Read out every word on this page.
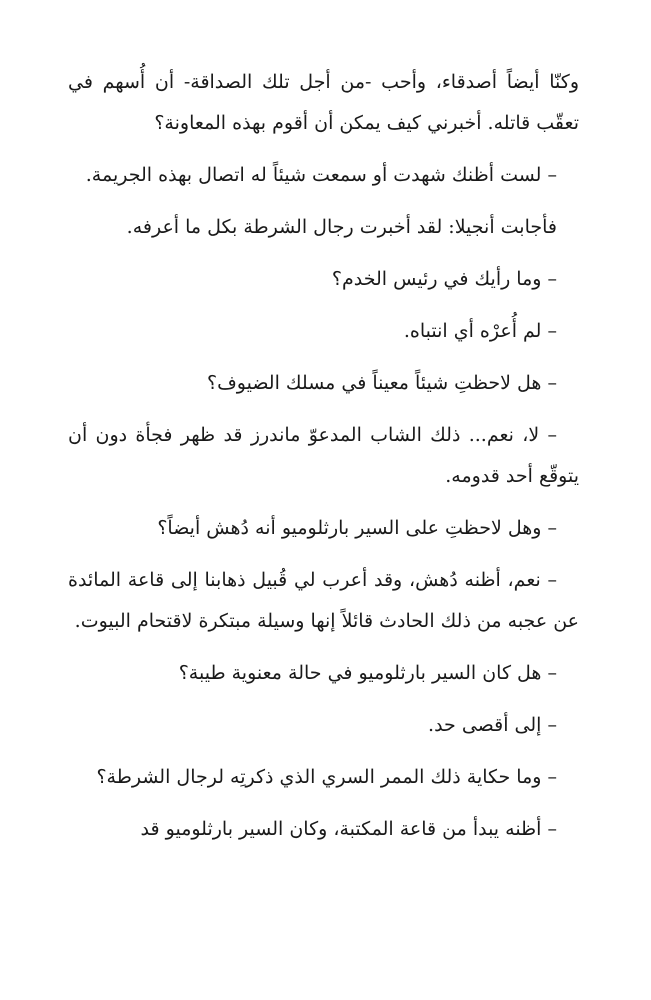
وكنّا أيضاً أصدقاء، وأحب -من أجل تلك الصداقة- أن أُسهم في تعقّب قاتله. أخبرني كيف يمكن أن أقوم بهذه المعاونة؟

– لست أظنك شهدت أو سمعت شيئاً له اتصال بهذه الجريمة.

فأجابت أنجيلا: لقد أخبرت رجال الشرطة بكل ما أعرفه.

– وما رأيك في رئيس الخدم؟

– لم أُعرْه أي انتباه.

– هل لاحظتِ شيئاً معيناً في مسلك الضيوف؟

– لا، نعم... ذلك الشاب المدعوّ ماندرز قد ظهر فجأة دون أن يتوقّع أحد قدومه.

– وهل لاحظتِ على السير بارثلوميو أنه دُهش أيضاً؟

– نعم، أظنه دُهش، وقد أعرب لي قُبيل ذهابنا إلى قاعة المائدة عن عجبه من ذلك الحادث قائلاً إنها وسيلة مبتكرة لاقتحام البيوت.

– هل كان السير بارثلوميو في حالة معنوية طيبة؟

– إلى أقصى حد.

– وما حكاية ذلك الممر السري الذي ذكرتِه لرجال الشرطة؟

– أظنه يبدأ من قاعة المكتبة، وكان السير بارثلوميو قد
